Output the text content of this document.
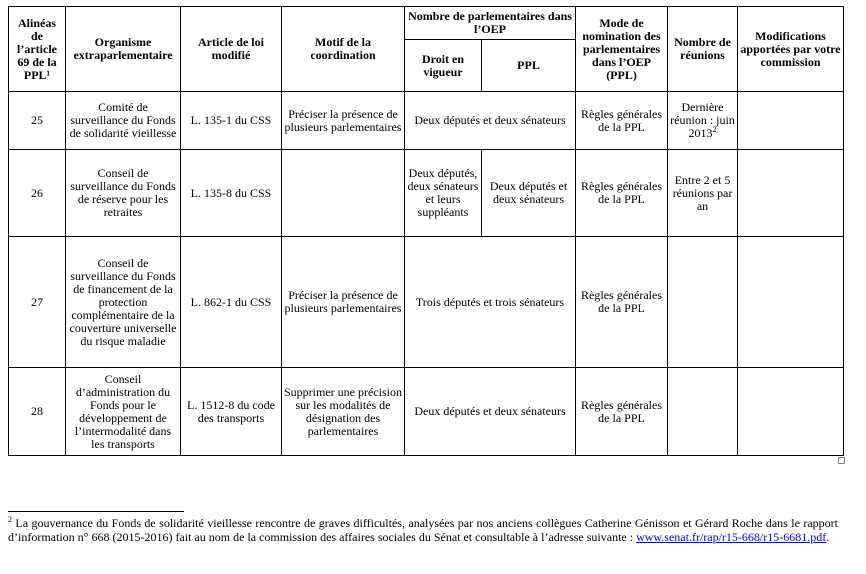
Alinéas de l’article 69 de la PPL¹	Organisme extraparlementaire	Article de loi modifié	Motif de la coordination	Nombre de parlementaires dans l’OEP		Mode de nomination des parlementaires dans l’OEP (PPL)	Nombre de réunions	Modifications apportées par votre commission
				Droit en vigueur	PPL			
25	Comité de surveillance du Fonds de solidarité vieillesse	L. 135-1 du CSS	Préciser la présence de plusieurs parlementaires	Deux députés et deux sénateurs		Règles générales de la PPL	Dernière réunion : juin 2013$^2$	
26	Conseil de surveillance du Fonds de réserve pour les retraites	L. 135-8 du CSS		Deux députés, deux sénateurs et leurs suppléants	Deux députés et deux sénateurs	Règles générales de la PPL	Entre 2 et 5 réunions par an	
27	Conseil de surveillance du Fonds de financement de la protection complémentaire de la couverture universelle du risque maladie	L. 862-1 du CSS	Préciser la présence de plusieurs parlementaires	Trois députés et trois sénateurs		Règles générales de la PPL		
28	Conseil d’administration du Fonds pour le développement de l’intermodalité dans les transports	L. 1512-8 du code des transports	Supprimer une précision sur les modalités de désignation des parlementaires	Deux députés et deux sénateurs		Règles générales de la PPL		
$^2$ La gouvernance du Fonds de solidarité vieillesse rencontre de graves difficultés, analysées par nos anciens collègues Catherine Génisson et Gérard Roche dans le rapport d’information n° 668 (2015-2016) fait au nom de la commission des affaires sociales du Sénat et consultable à l’adresse suivante : www.senat.fr/rap/r15-668/r15-6681.pdf.
